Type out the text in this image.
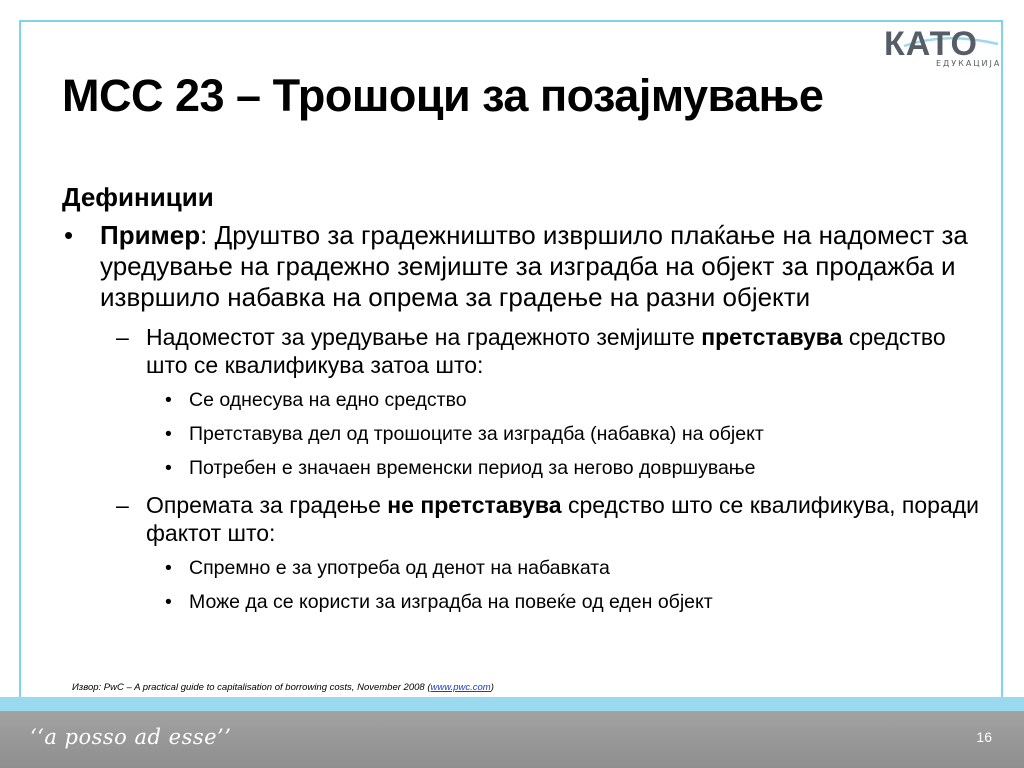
МСС 23 – Трошоци за позајмување
КАТО
ЕДУКАЦИЈА
Дефиниции
• Пример: Друштво за градежништво извршило плаќање на надомест за уредување на градежно земјиште за изградба на објект за продажба и извршило набавка на опрема за градење на разни објекти
– Надоместот за уредување на градежното земјиште претставува средство што се квалификува затоа што:
• Се однесува на едно средство
• Претставува дел од трошоците за изградба (набавка) на објект
• Потребен е значаен временски период за негово довршување
– Опремата за градење не претставува средство што се квалификува, поради фактот што:
• Спремно е за употреба од денот на набавката
• Може да се користи за изградба на повеќе од еден објект
Извор: PwC – A practical guide to capitalisation of borrowing costs, November 2008 (www.pwc.com)
‘‘a posso ad esse’’	16
